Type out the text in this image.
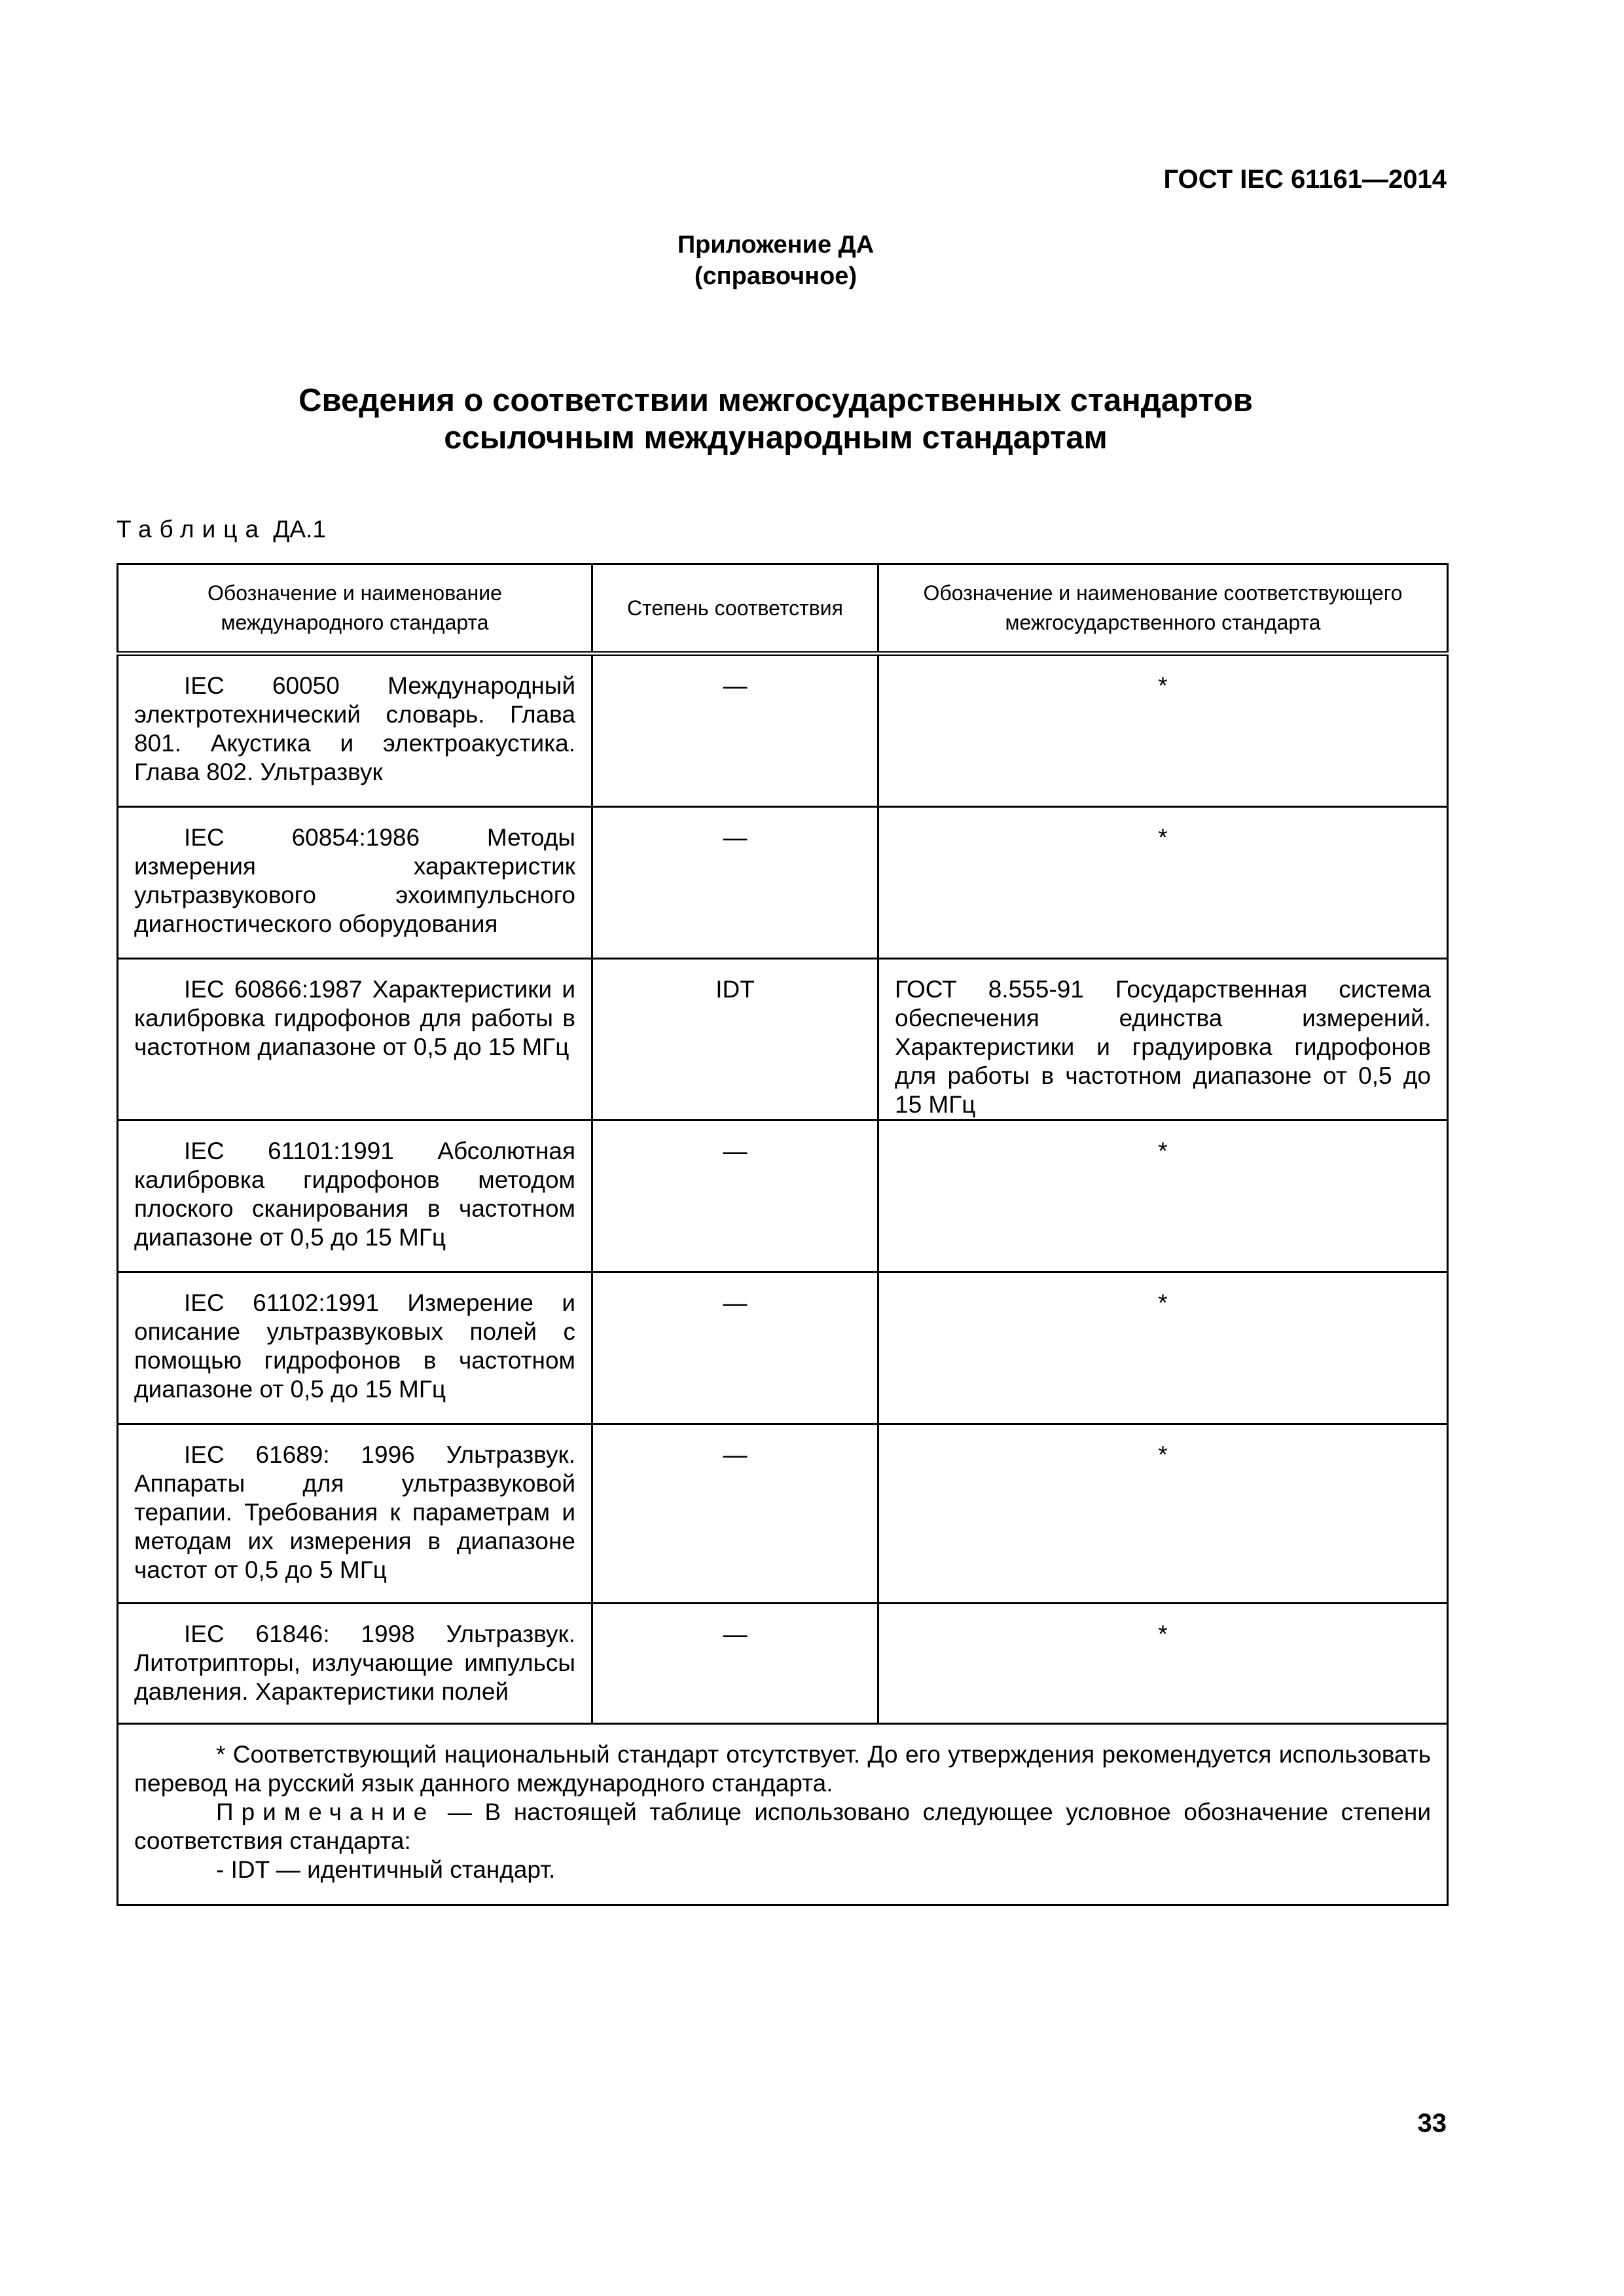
ГОСТ IEC 61161—2014
Приложение ДА
(справочное)
Сведения о соответствии межгосударственных стандартов
ссылочным международным стандартам
Таблица ДА.1
Обозначение и наименование международного стандарта	Степень соответствия	Обозначение и наименование соответствующего межгосударственного стандарта
IEC 60050 Международный электротехнический словарь. Глава 801. Акустика и электроакустика. Глава 802. Ультразвук	—	*
IEC 60854:1986 Методы измерения характеристик ультразвукового эхоимпульсного диагностического оборудования	—	*
IEC 60866:1987 Характеристики и калибровка гидрофонов для работы в частотном диапазоне от 0,5 до 15 МГц	IDT	ГОСТ 8.555-91 Государственная система обеспечения единства измерений. Характеристики и градуировка гидрофонов для работы в частотном диапазоне от 0,5 до 15 МГц
IEC 61101:1991 Абсолютная калибровка гидрофонов методом плоского сканирования в частотном диапазоне от 0,5 до 15 МГц	—	*
IEC 61102:1991 Измерение и описание ультразвуковых полей с помощью гидрофонов в частотном диапазоне от 0,5 до 15 МГц	—	*
IEC 61689: 1996 Ультразвук. Аппараты для ультразвуковой терапии. Требования к параметрам и методам их измерения в диапазоне частот от 0,5 до 5 МГц	—	*
IEC 61846: 1998 Ультразвук. Литотрипторы, излучающие импульсы давления. Характеристики полей	—	*

* Соответствующий национальный стандарт отсутствует. До его утверждения рекомендуется использовать перевод на русский язык данного международного стандарта.
Примечание — В настоящей таблице использовано следующее условное обозначение степени соответствия стандарта:
- IDT — идентичный стандарт.		
33
